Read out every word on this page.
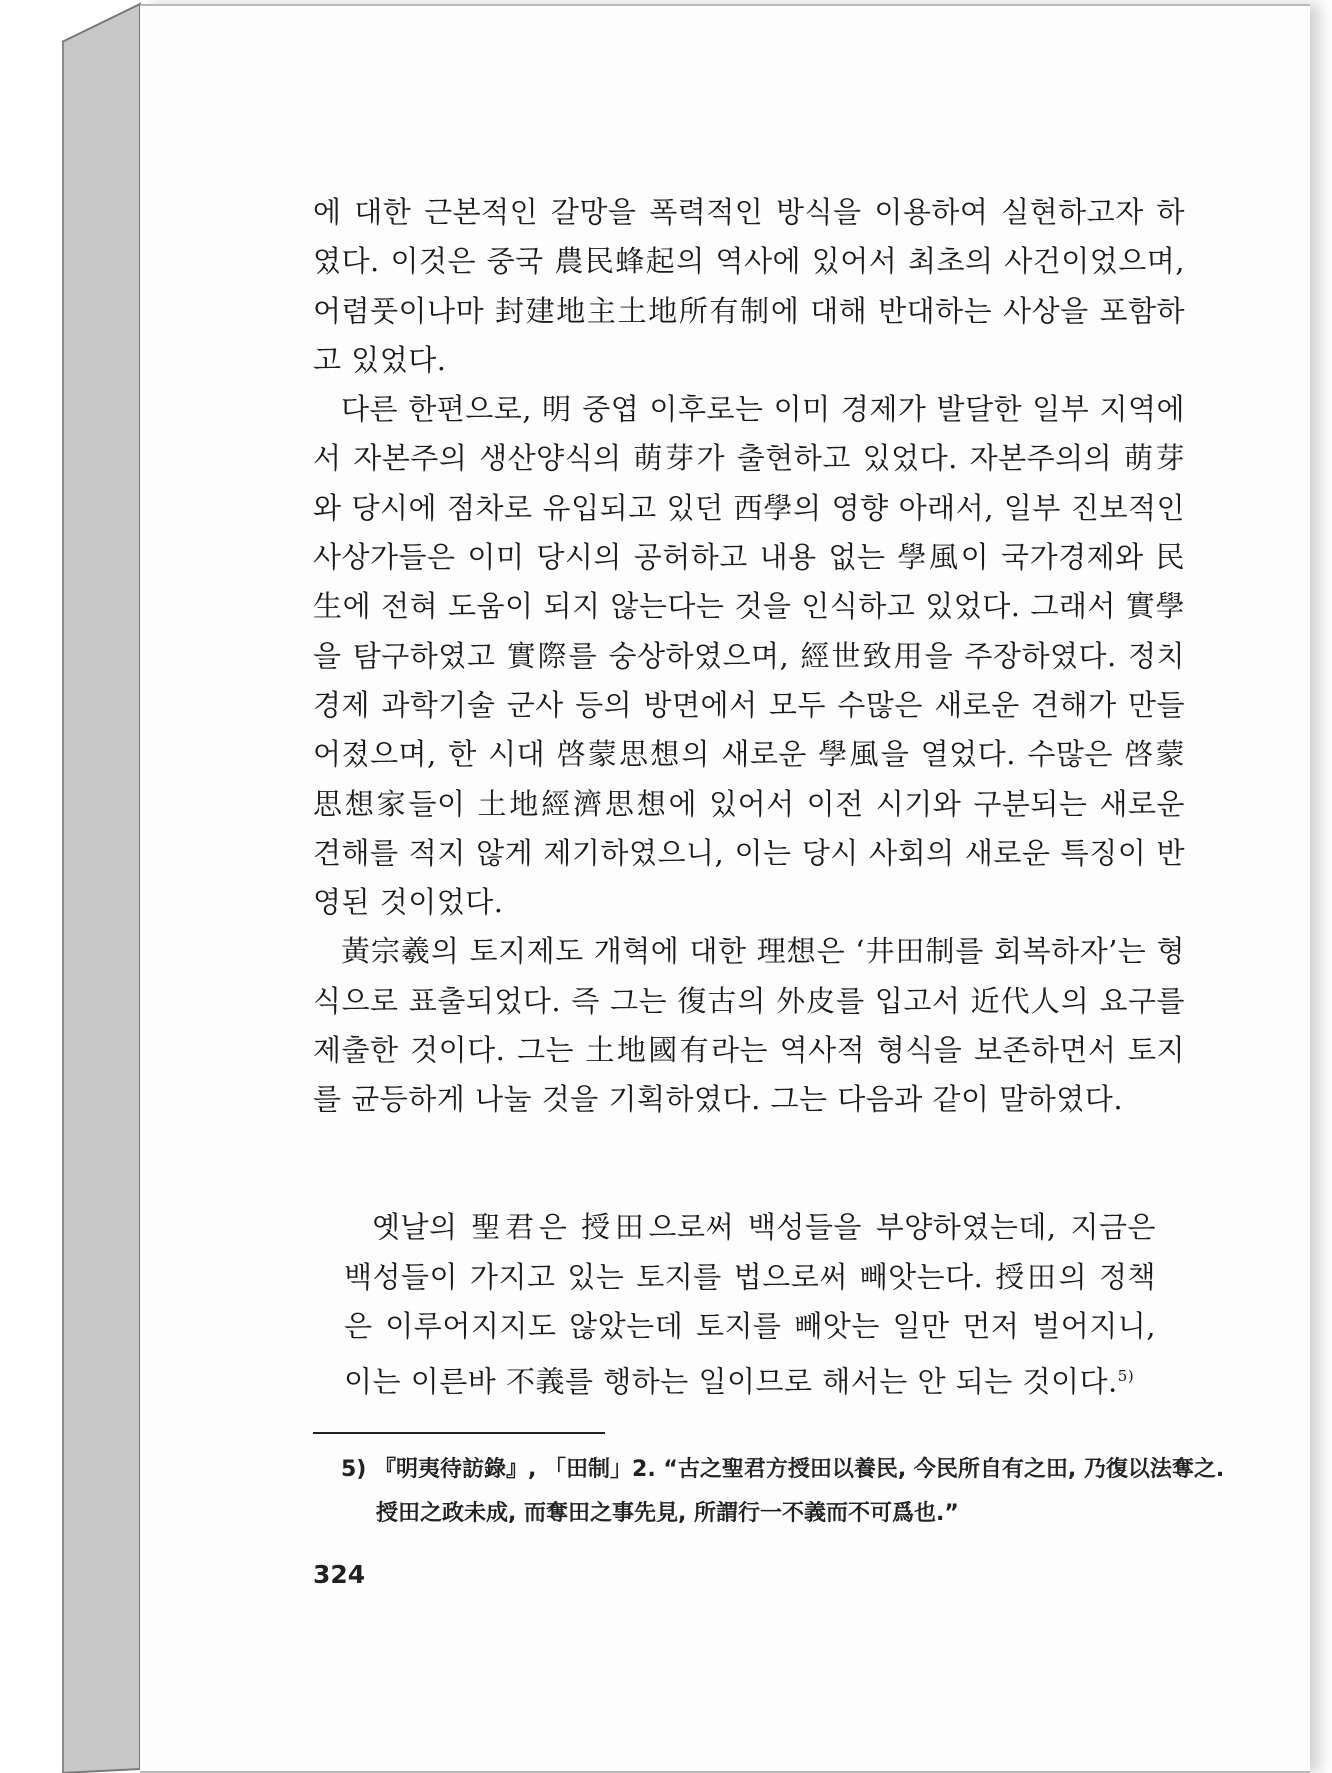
에 대한 근본적인 갈망을 폭력적인 방식을 이용하여 실현하고자 하였다. 이것은 중국 農民蜂起의 역사에 있어서 최초의 사건이었으며, 어렴풋이나마 封建地主土地所有制에 대해 반대하는 사상을 포함하고 있었다.

다른 한편으로, 明 중엽 이후로는 이미 경제가 발달한 일부 지역에서 자본주의 생산양식의 萌芽가 출현하고 있었다. 자본주의의 萌芽와 당시에 점차로 유입되고 있던 西學의 영향 아래서, 일부 진보적인 사상가들은 이미 당시의 공허하고 내용 없는 學風이 국가경제와 民生에 전혀 도움이 되지 않는다는 것을 인식하고 있었다. 그래서 實學을 탐구하였고 實際를 숭상하였으며, 經世致用을 주장하였다. 정치 경제 과학기술 군사 등의 방면에서 모두 수많은 새로운 견해가 만들어졌으며, 한 시대 啓蒙思想의 새로운 學風을 열었다. 수많은 啓蒙思想家들이 土地經濟思想에 있어서 이전 시기와 구분되는 새로운 견해를 적지 않게 제기하였으니, 이는 당시 사회의 새로운 특징이 반영된 것이었다.

黃宗羲의 토지제도 개혁에 대한 理想은 ‘井田制를 회복하자’는 형식으로 표출되었다. 즉 그는 復古의 外皮를 입고서 近代人의 요구를 제출한 것이다. 그는 土地國有라는 역사적 형식을 보존하면서 토지를 균등하게 나눌 것을 기획하였다. 그는 다음과 같이 말하였다.

옛날의 聖君은 授田으로써 백성들을 부양하였는데, 지금은 백성들이 가지고 있는 토지를 법으로써 빼앗는다. 授田의 정책은 이루어지지도 않았는데 토지를 빼앗는 일만 먼저 벌어지니, 이는 이른바 不義를 행하는 일이므로 해서는 안 되는 것이다.$^{5)}$

5) 『明夷待訪錄』, 「田制」2. “古之聖君方授田以養民, 今民所自有之田, 乃復以法奪之. 授田之政未成, 而奪田之事先見, 所謂行一不義而不可爲也.”

324
